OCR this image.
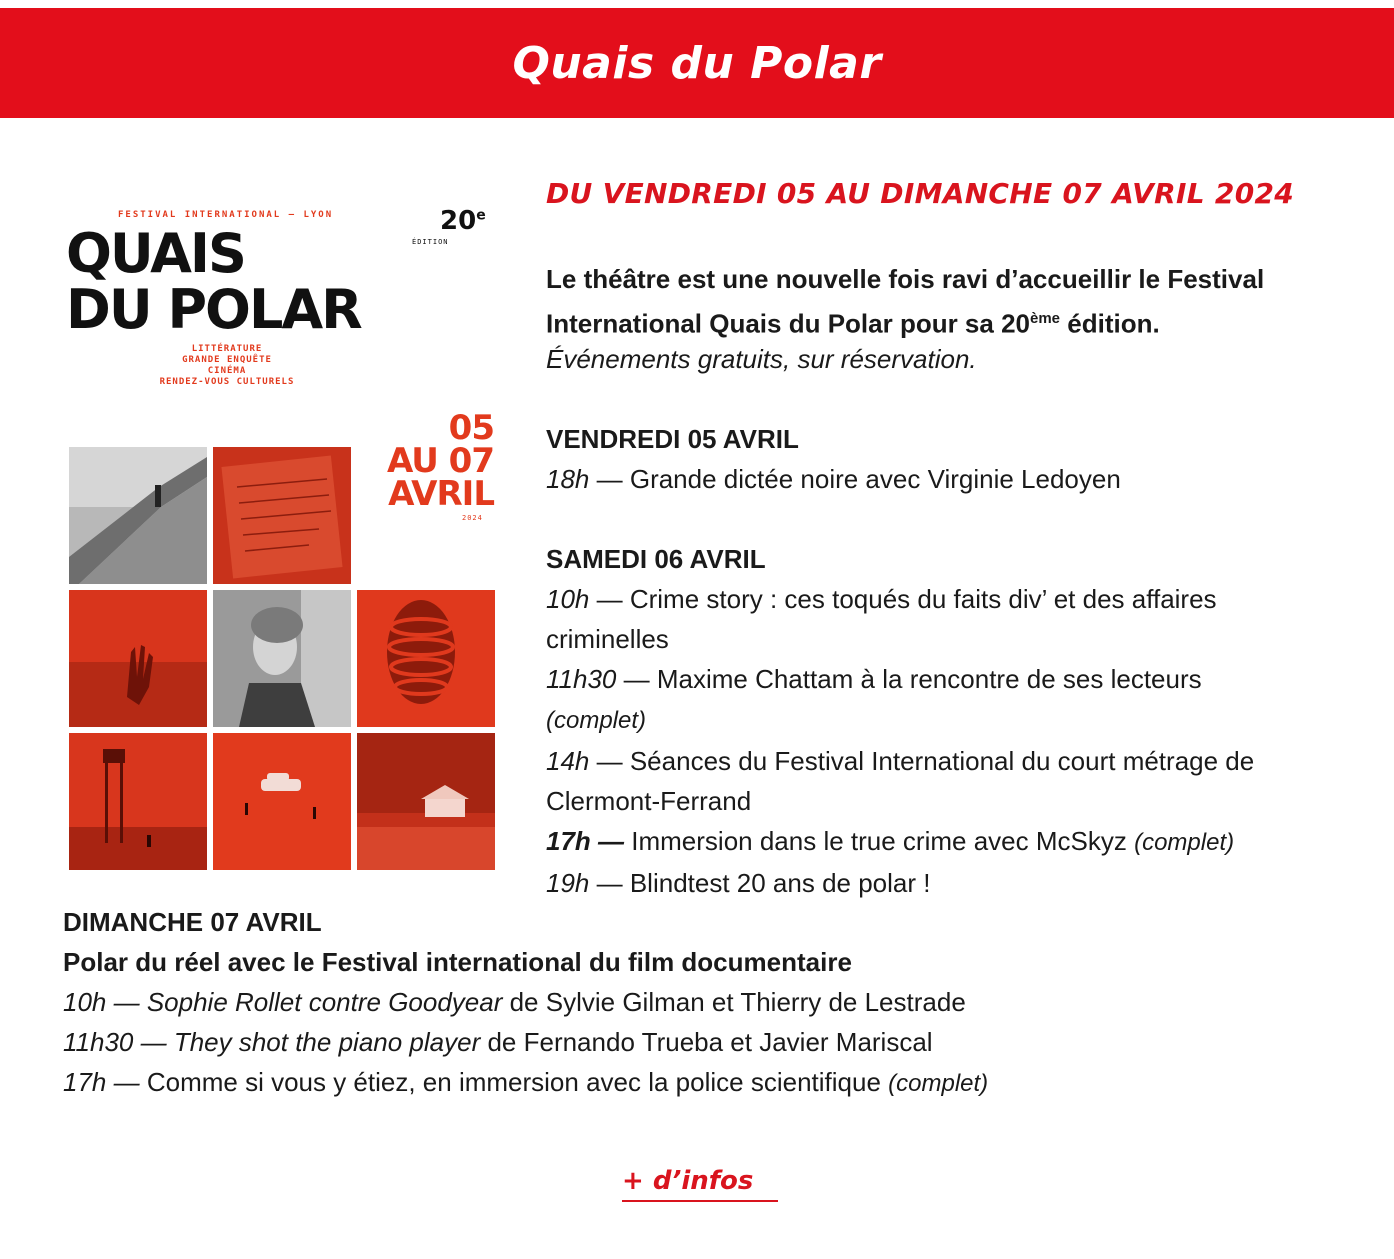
Quais du Polar
FESTIVAL INTERNATIONAL — LYON	20e
ÉDITION
QUAIS
DU POLAR
LITTÉRATURE
GRANDE ENQUÊTE
CINÉMA
RENDEZ-VOUS CULTURELS
05
AU 07
AVRIL
2024
DU VENDREDI 05 AU DIMANCHE 07 AVRIL 2024
Le théâtre est une nouvelle fois ravi d’accueillir le Festival International Quais du Polar pour sa 20ème édition.
Événements gratuits, sur réservation.
VENDREDI 05 AVRIL
18h — Grande dictée noire avec Virginie Ledoyen
SAMEDI 06 AVRIL
10h — Crime story : ces toqués du faits div’ et des affaires criminelles
11h30 — Maxime Chattam à la rencontre de ses lecteurs
(complet)
14h — Séances du Festival International du court métrage de Clermont-Ferrand
17h — Immersion dans le true crime avec McSkyz (complet)
19h — Blindtest 20 ans de polar !
DIMANCHE 07 AVRIL
Polar du réel avec le Festival international du film documentaire
10h — Sophie Rollet contre Goodyear de Sylvie Gilman et Thierry de Lestrade
11h30 — They shot the piano player de Fernando Trueba et Javier Mariscal
17h — Comme si vous y étiez, en immersion avec la police scientifique (complet)
+ d’infos
